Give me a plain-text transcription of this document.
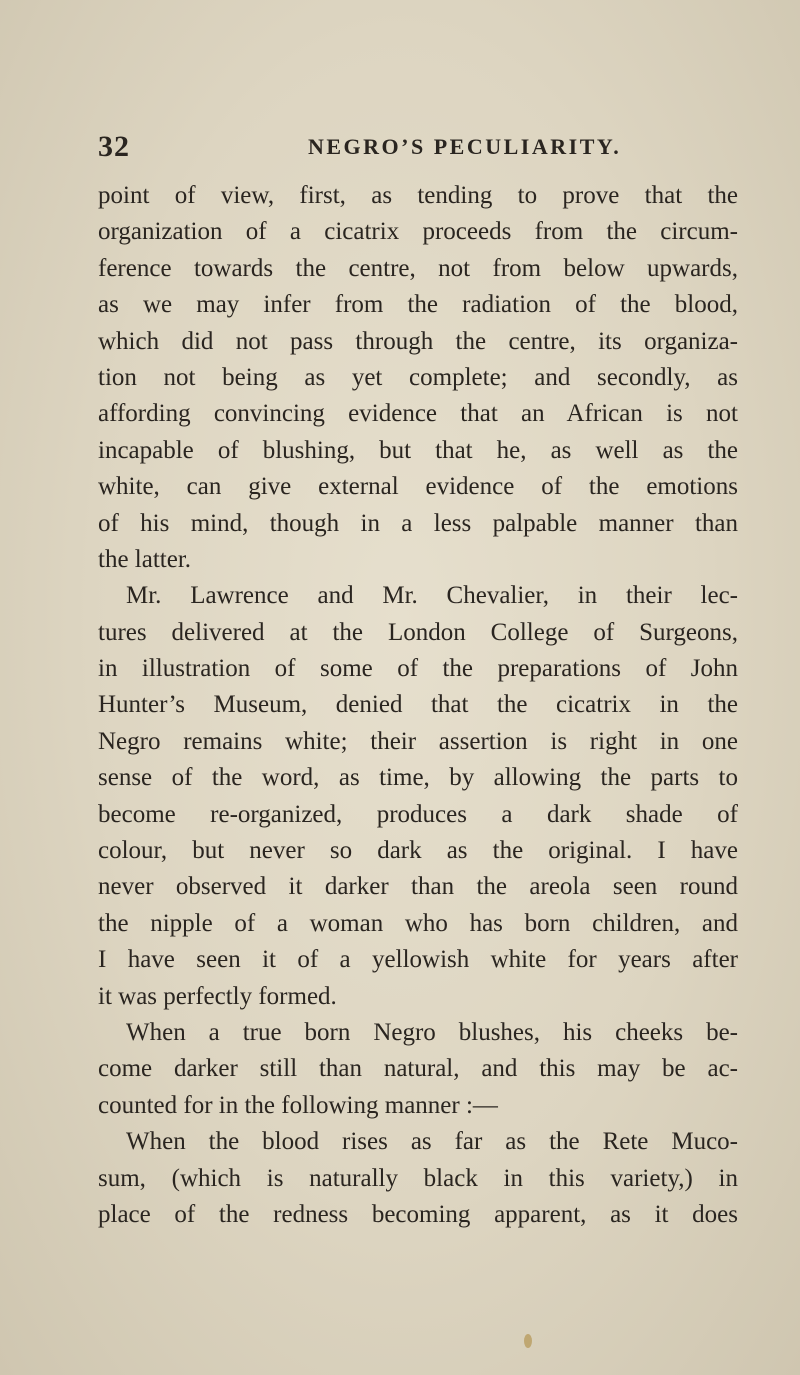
32	NEGRO’S PECULIARITY.
point of view, first, as tending to prove that the
organization of a cicatrix proceeds from the circum-
ference towards the centre, not from below upwards,
as we may infer from the radiation of the blood,
which did not pass through the centre, its organiza-
tion not being as yet complete; and secondly, as
affording convincing evidence that an African is not
incapable of blushing, but that he, as well as the
white, can give external evidence of the emotions
of his mind, though in a less palpable manner than
the latter.
Mr. Lawrence and Mr. Chevalier, in their lec-
tures delivered at the London College of Surgeons,
in illustration of some of the preparations of John
Hunter’s Museum, denied that the cicatrix in the
Negro remains white; their assertion is right in one
sense of the word, as time, by allowing the parts to
become re-organized, produces a dark shade of
colour, but never so dark as the original. I have
never observed it darker than the areola seen round
the nipple of a woman who has born children, and
I have seen it of a yellowish white for years after
it was perfectly formed.
When a true born Negro blushes, his cheeks be-
come darker still than natural, and this may be ac-
counted for in the following manner :—
When the blood rises as far as the Rete Muco-
sum, (which is naturally black in this variety,) in
place of the redness becoming apparent, as it does
